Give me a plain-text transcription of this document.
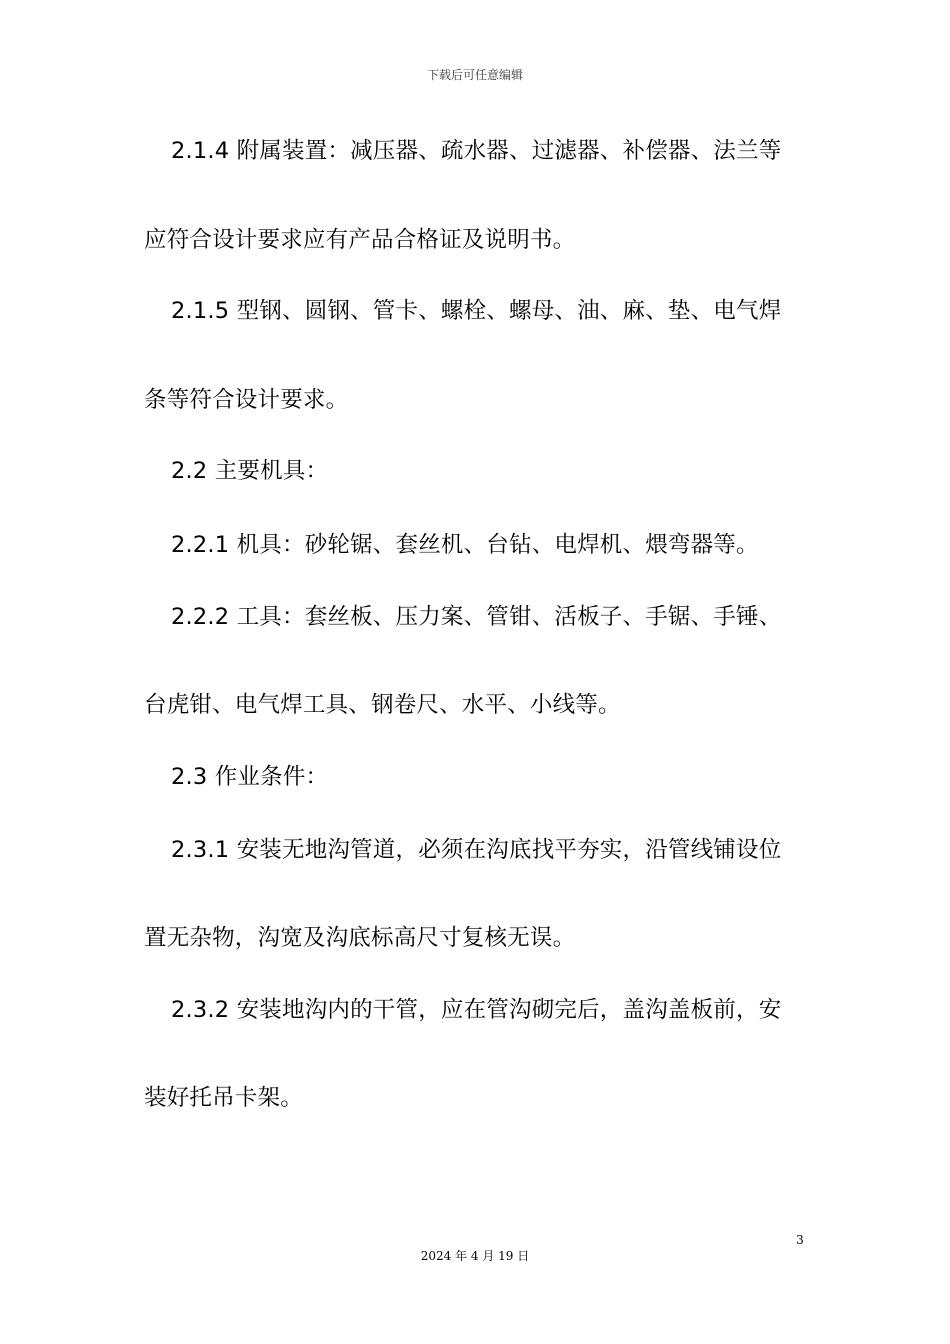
下载后可任意编辑
2.1.4 附属装置：减压器、疏水器、过滤器、补偿器、法兰等
应符合设计要求应有产品合格证及说明书。
2.1.5 型钢、圆钢、管卡、螺栓、螺母、油、麻、垫、电气焊
条等符合设计要求。
2.2 主要机具：
2.2.1 机具：砂轮锯、套丝机、台钻、电焊机、煨弯器等。
2.2.2 工具：套丝板、压力案、管钳、活板子、手锯、手锤、
台虎钳、电气焊工具、钢卷尺、水平、小线等。
2.3 作业条件：
2.3.1 安装无地沟管道，必须在沟底找平夯实，沿管线铺设位
置无杂物，沟宽及沟底标高尺寸复核无误。
2.3.2 安装地沟内的干管，应在管沟砌完后，盖沟盖板前，安
装好托吊卡架。
3
2024 年 4 月 19 日
